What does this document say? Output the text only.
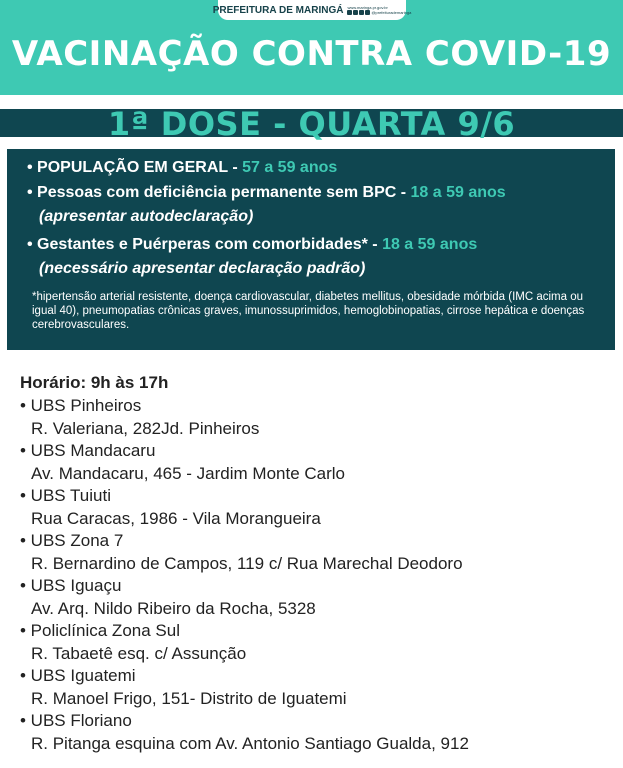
PREFEITURA DE MARINGÁ www.maringa.pr.gov.br
@prefeiturademaringa
VACINAÇÃO CONTRA COVID-19
1ª DOSE - QUARTA 9/6
• POPULAÇÃO EM GERAL - 57 a 59 anos
• Pessoas com deficiência permanente sem BPC - 18 a 59 anos
(apresentar autodeclaração)
• Gestantes e Puérperas com comorbidades* - 18 a 59 anos
(necessário apresentar declaração padrão)
*hipertensão arterial resistente, doença cardiovascular, diabetes mellitus, obesidade mórbida (IMC acima ou igual 40), pneumopatias crônicas graves, imunossuprimidos, hemoglobinopatias, cirrose hepática e doenças cerebrovasculares.
Horário: 9h às 17h
• UBS Pinheiros
R. Valeriana, 282Jd. Pinheiros
• UBS Mandacaru
Av. Mandacaru, 465 - Jardim Monte Carlo
• UBS Tuiuti
Rua Caracas, 1986 - Vila Morangueira
• UBS Zona 7
R. Bernardino de Campos, 119 c/ Rua Marechal Deodoro
• UBS Iguaçu
Av. Arq. Nildo Ribeiro da Rocha, 5328
• Policlínica Zona Sul
R. Tabaetê esq. c/ Assunção
• UBS Iguatemi
R. Manoel Frigo, 151- Distrito de Iguatemi
• UBS Floriano
R. Pitanga esquina com Av. Antonio Santiago Gualda, 912
